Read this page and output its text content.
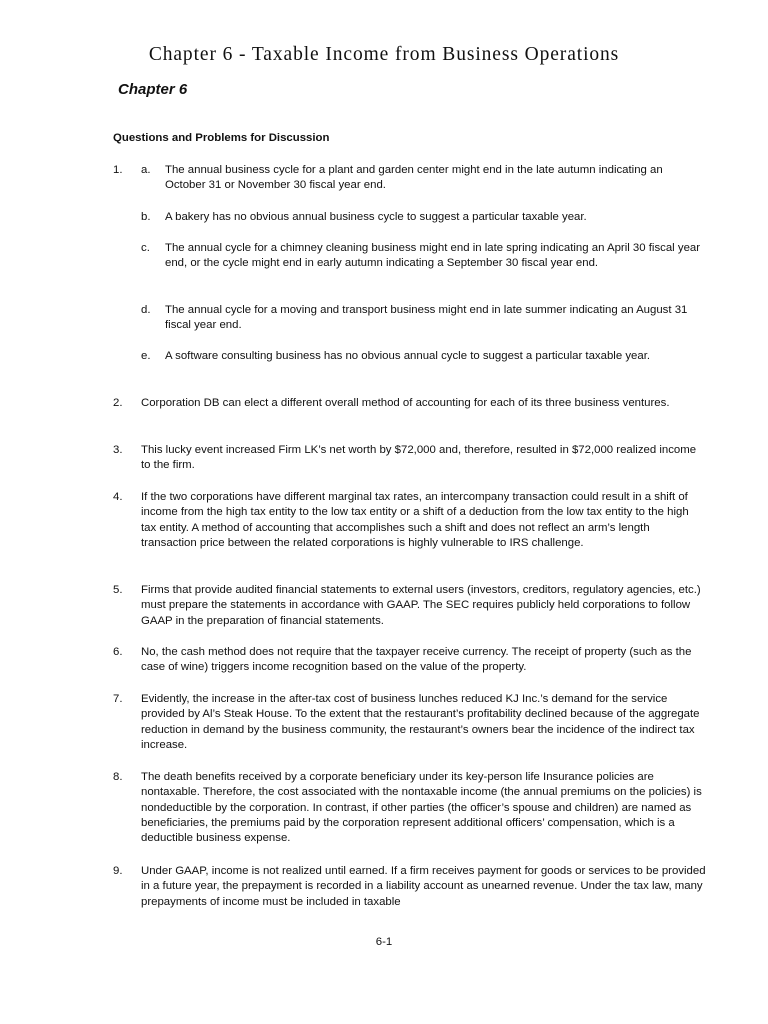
Chapter 6 - Taxable Income from Business Operations
Chapter 6
Questions and Problems for Discussion
1. a. The annual business cycle for a plant and garden center might end in the late autumn indicating an October 31 or November 30 fiscal year end.
b. A bakery has no obvious annual business cycle to suggest a particular taxable year.
c. The annual cycle for a chimney cleaning business might end in late spring indicating an April 30 fiscal year end, or the cycle might end in early autumn indicating a September 30 fiscal year end.
d. The annual cycle for a moving and transport business might end in late summer indicating an August 31 fiscal year end.
e. A software consulting business has no obvious annual cycle to suggest a particular taxable year.
2. Corporation DB can elect a different overall method of accounting for each of its three business ventures.
3. This lucky event increased Firm LK’s net worth by $72,000 and, therefore, resulted in $72,000 realized income to the firm.
4. If the two corporations have different marginal tax rates, an intercompany transaction could result in a shift of income from the high tax entity to the low tax entity or a shift of a deduction from the low tax entity to the high tax entity. A method of accounting that accomplishes such a shift and does not reflect an arm’s length transaction price between the related corporations is highly vulnerable to IRS challenge.
5. Firms that provide audited financial statements to external users (investors, creditors, regulatory agencies, etc.) must prepare the statements in accordance with GAAP. The SEC requires publicly held corporations to follow GAAP in the preparation of financial statements.
6. No, the cash method does not require that the taxpayer receive currency. The receipt of property (such as the case of wine) triggers income recognition based on the value of the property.
7. Evidently, the increase in the after-tax cost of business lunches reduced KJ Inc.’s demand for the service provided by Al’s Steak House. To the extent that the restaurant’s profitability declined because of the aggregate reduction in demand by the business community, the restaurant’s owners bear the incidence of the indirect tax increase.
8. The death benefits received by a corporate beneficiary under its key-person life Insurance policies are nontaxable. Therefore, the cost associated with the nontaxable income (the annual premiums on the policies) is nondeductible by the corporation. In contrast, if other parties (the officer’s spouse and children) are named as beneficiaries, the premiums paid by the corporation represent additional officers’ compensation, which is a deductible business expense.
9. Under GAAP, income is not realized until earned. If a firm receives payment for goods or services to be provided in a future year, the prepayment is recorded in a liability account as unearned revenue. Under the tax law, many prepayments of income must be included in taxable
6-1
